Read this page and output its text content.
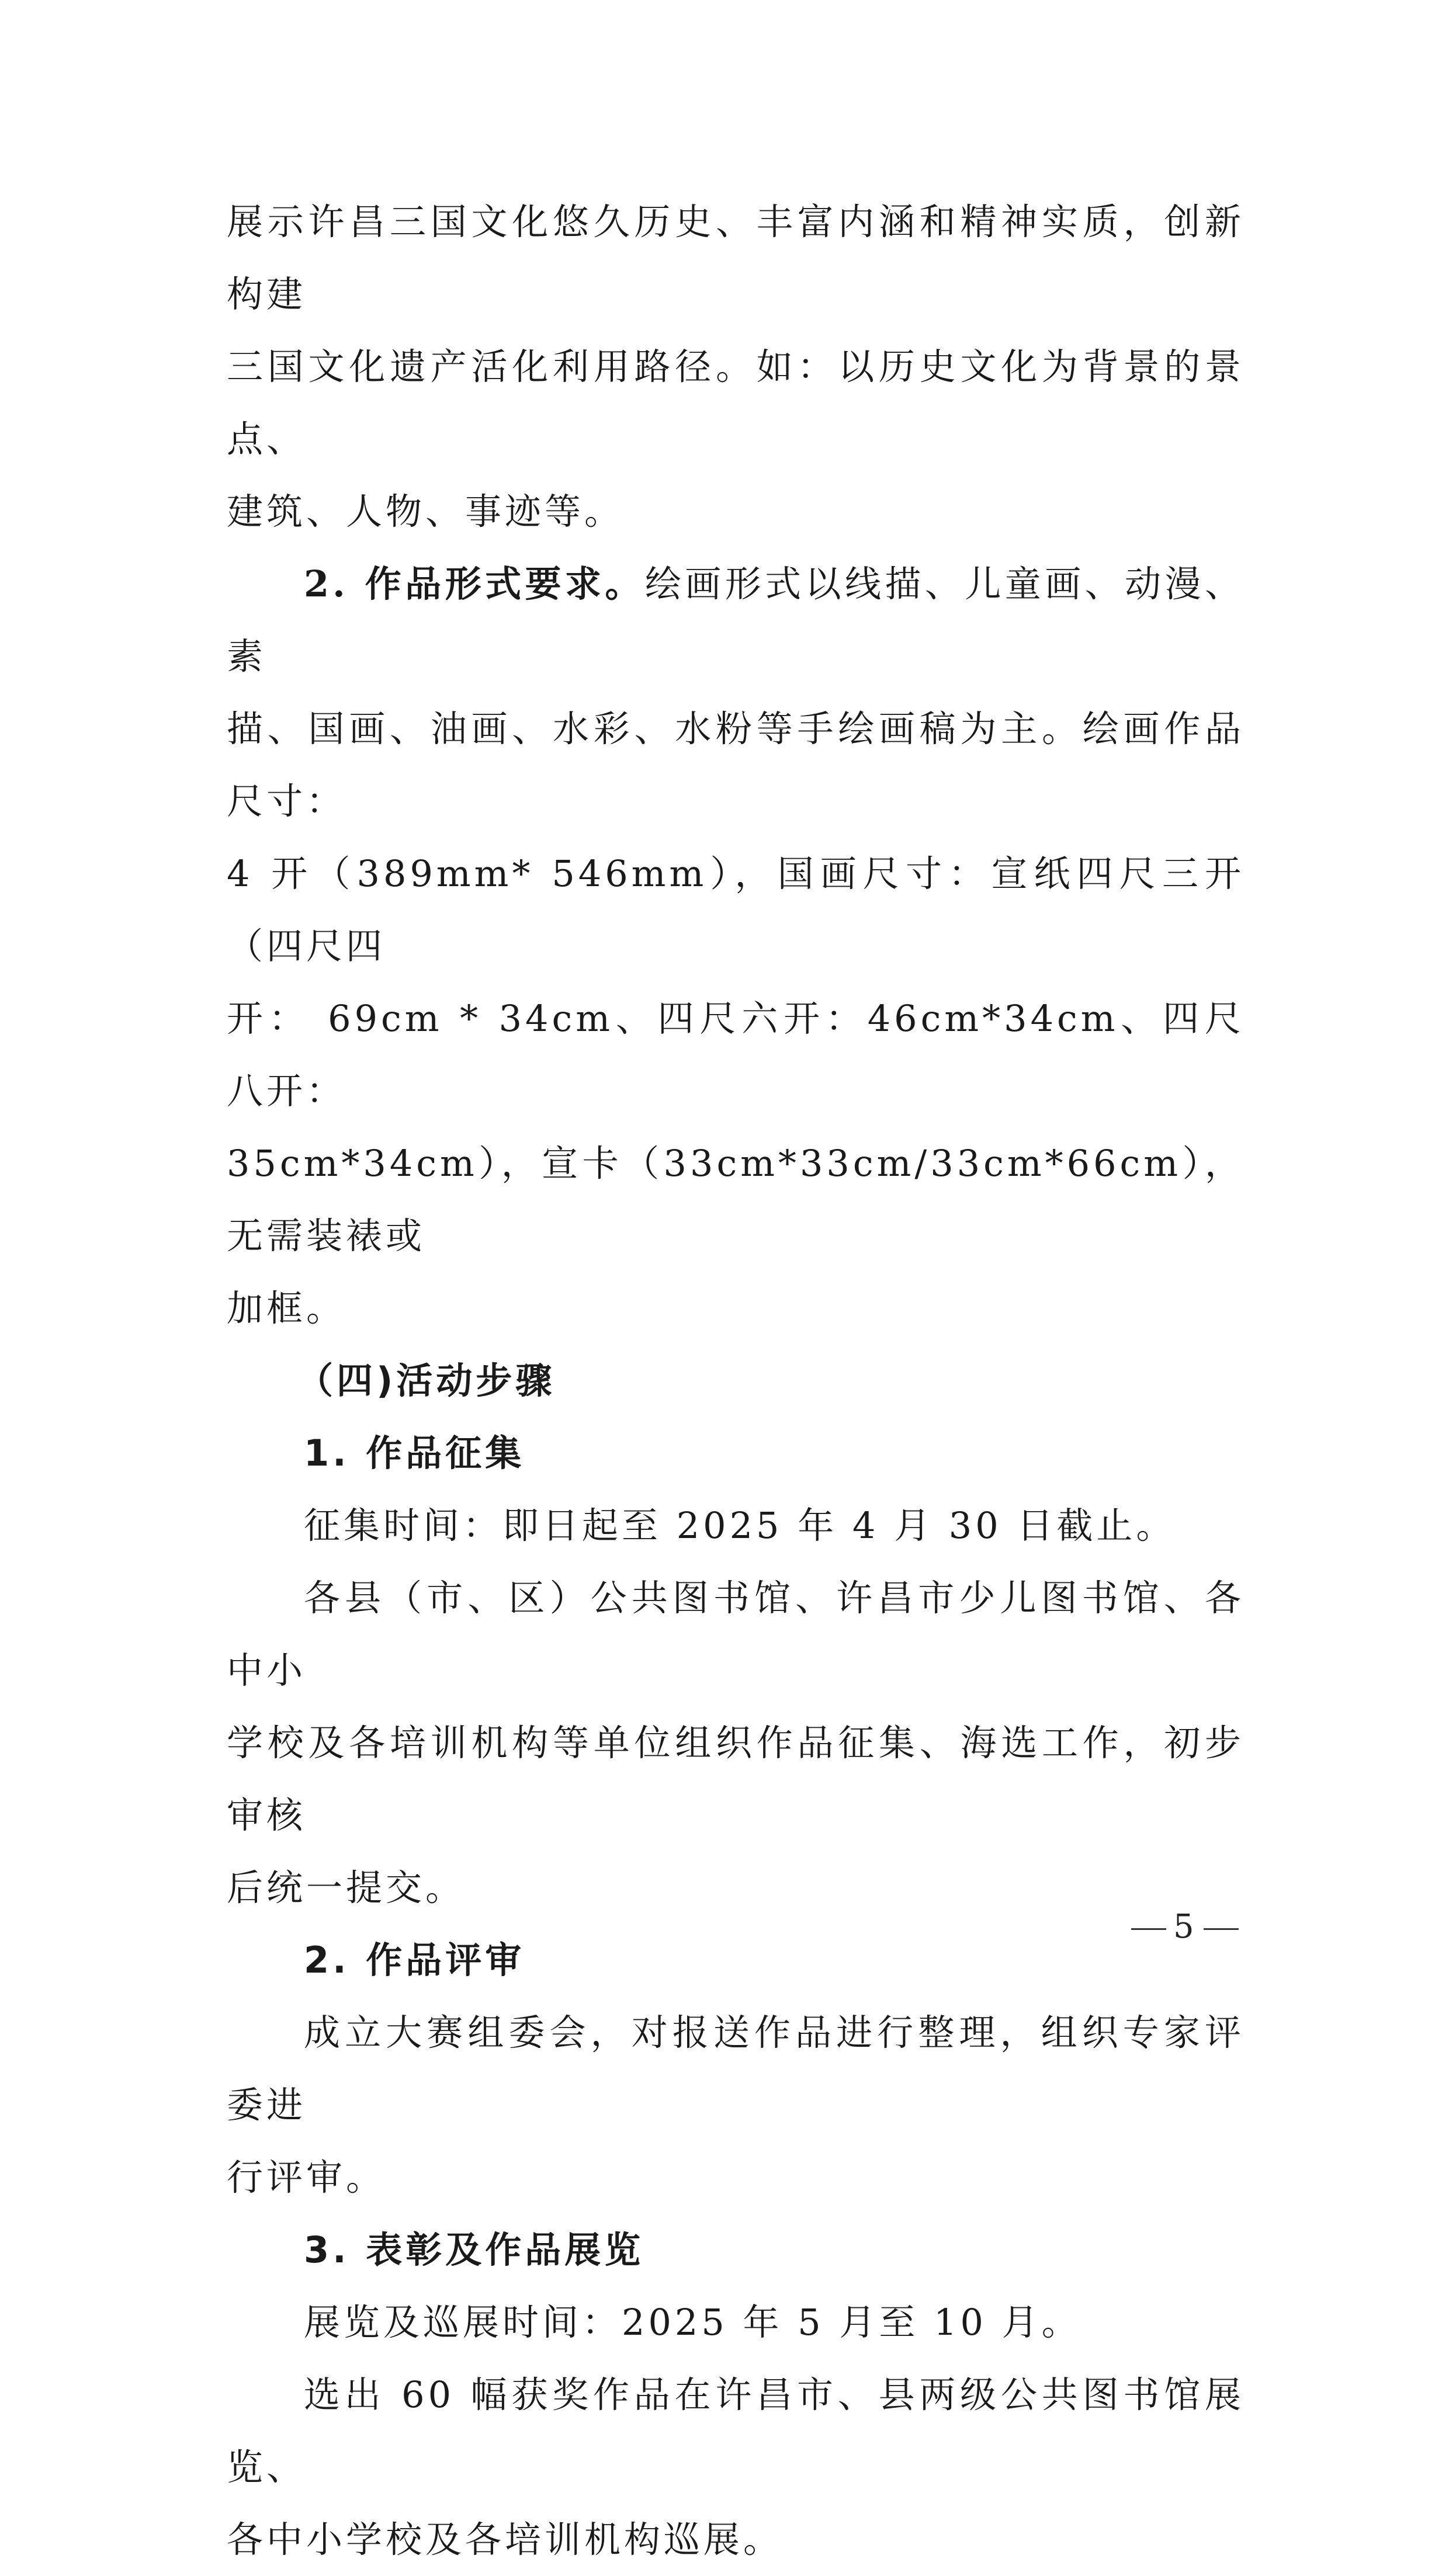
展示许昌三国文化悠久历史、丰富内涵和精神实质，创新构建

三国文化遗产活化利用路径。如：以历史文化为背景的景点、

建筑、人物、事迹等。

2. 作品形式要求。绘画形式以线描、儿童画、动漫、素

描、国画、油画、水彩、水粉等手绘画稿为主。绘画作品尺寸：

4 开（389mm* 546mm），国画尺寸：宣纸四尺三开（四尺四

开： 69cm * 34cm、四尺六开：46cm*34cm、四尺八开：

35cm*34cm），宣卡（33cm*33cm/33cm*66cm），无需装裱或

加框。

（四)活动步骤

1. 作品征集

征集时间：即日起至 2025 年 4 月 30 日截止。

各县（市、区）公共图书馆、许昌市少儿图书馆、各中小

学校及各培训机构等单位组织作品征集、海选工作，初步审核

后统一提交。

2. 作品评审

成立大赛组委会，对报送作品进行整理，组织专家评委进

行评审。

3. 表彰及作品展览

展览及巡展时间：2025 年 5 月至 10 月。

选出 60 幅获奖作品在许昌市、县两级公共图书馆展览、

各中小学校及各培训机构巡展。

5
